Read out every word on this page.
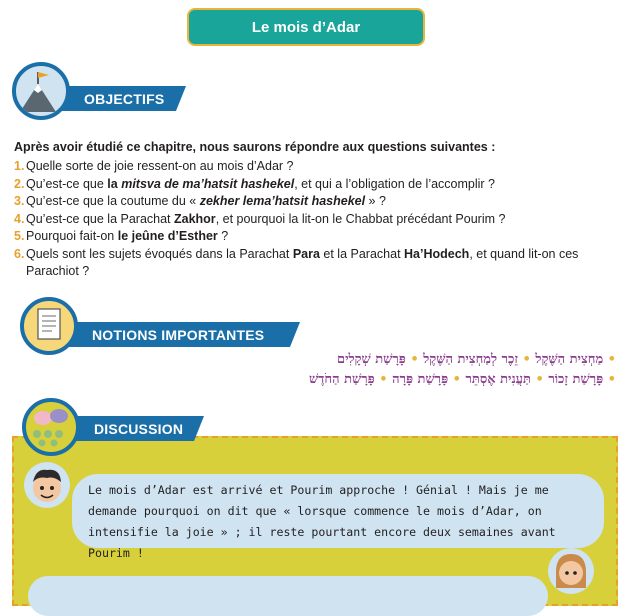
Le mois d’Adar
OBJECTIFS
Après avoir étudié ce chapitre, nous saurons répondre aux questions suivantes :
1. Quelle sorte de joie ressent-on au mois d’Adar ?
2. Qu’est-ce que la mitsva de ma’hatsit hashekel, et qui a l’obligation de l’accomplir ?
3. Qu’est-ce que la coutume du « zekher lema’hatsit hashekel » ?
4. Qu’est-ce que la Parachat Zakhor, et pourquoi la lit-on le Chabbat précédant Pourim ?
5. Pourquoi fait-on le jeûne d’Esther ?
6. Quels sont les sujets évoqués dans la Parachat Para et la Parachat Ha’Hodech, et quand lit-on ces Parachiot ?
NOTIONS IMPORTANTES
• מַחְצִית הַשֶּׁקֶל • זֵכֶר לְמַחְצִית הַשֶּׁקֶל • פָּרָשַׁת שְׁקָלִים
• פָּרָשַׁת זָכוֹר • תַּעֲנִית אֶסְתֵּר • פָּרָשַׁת פָּרָה • פָּרָשַׁת הַחֹדֶשׁ
DISCUSSION
Le mois d’Adar est arrivé et Pourim approche ! Génial ! Mais je me demande pourquoi on dit que « lorsque commence le mois d’Adar, on intensifie la joie » ; il reste pourtant encore deux semaines avant Pourim !
